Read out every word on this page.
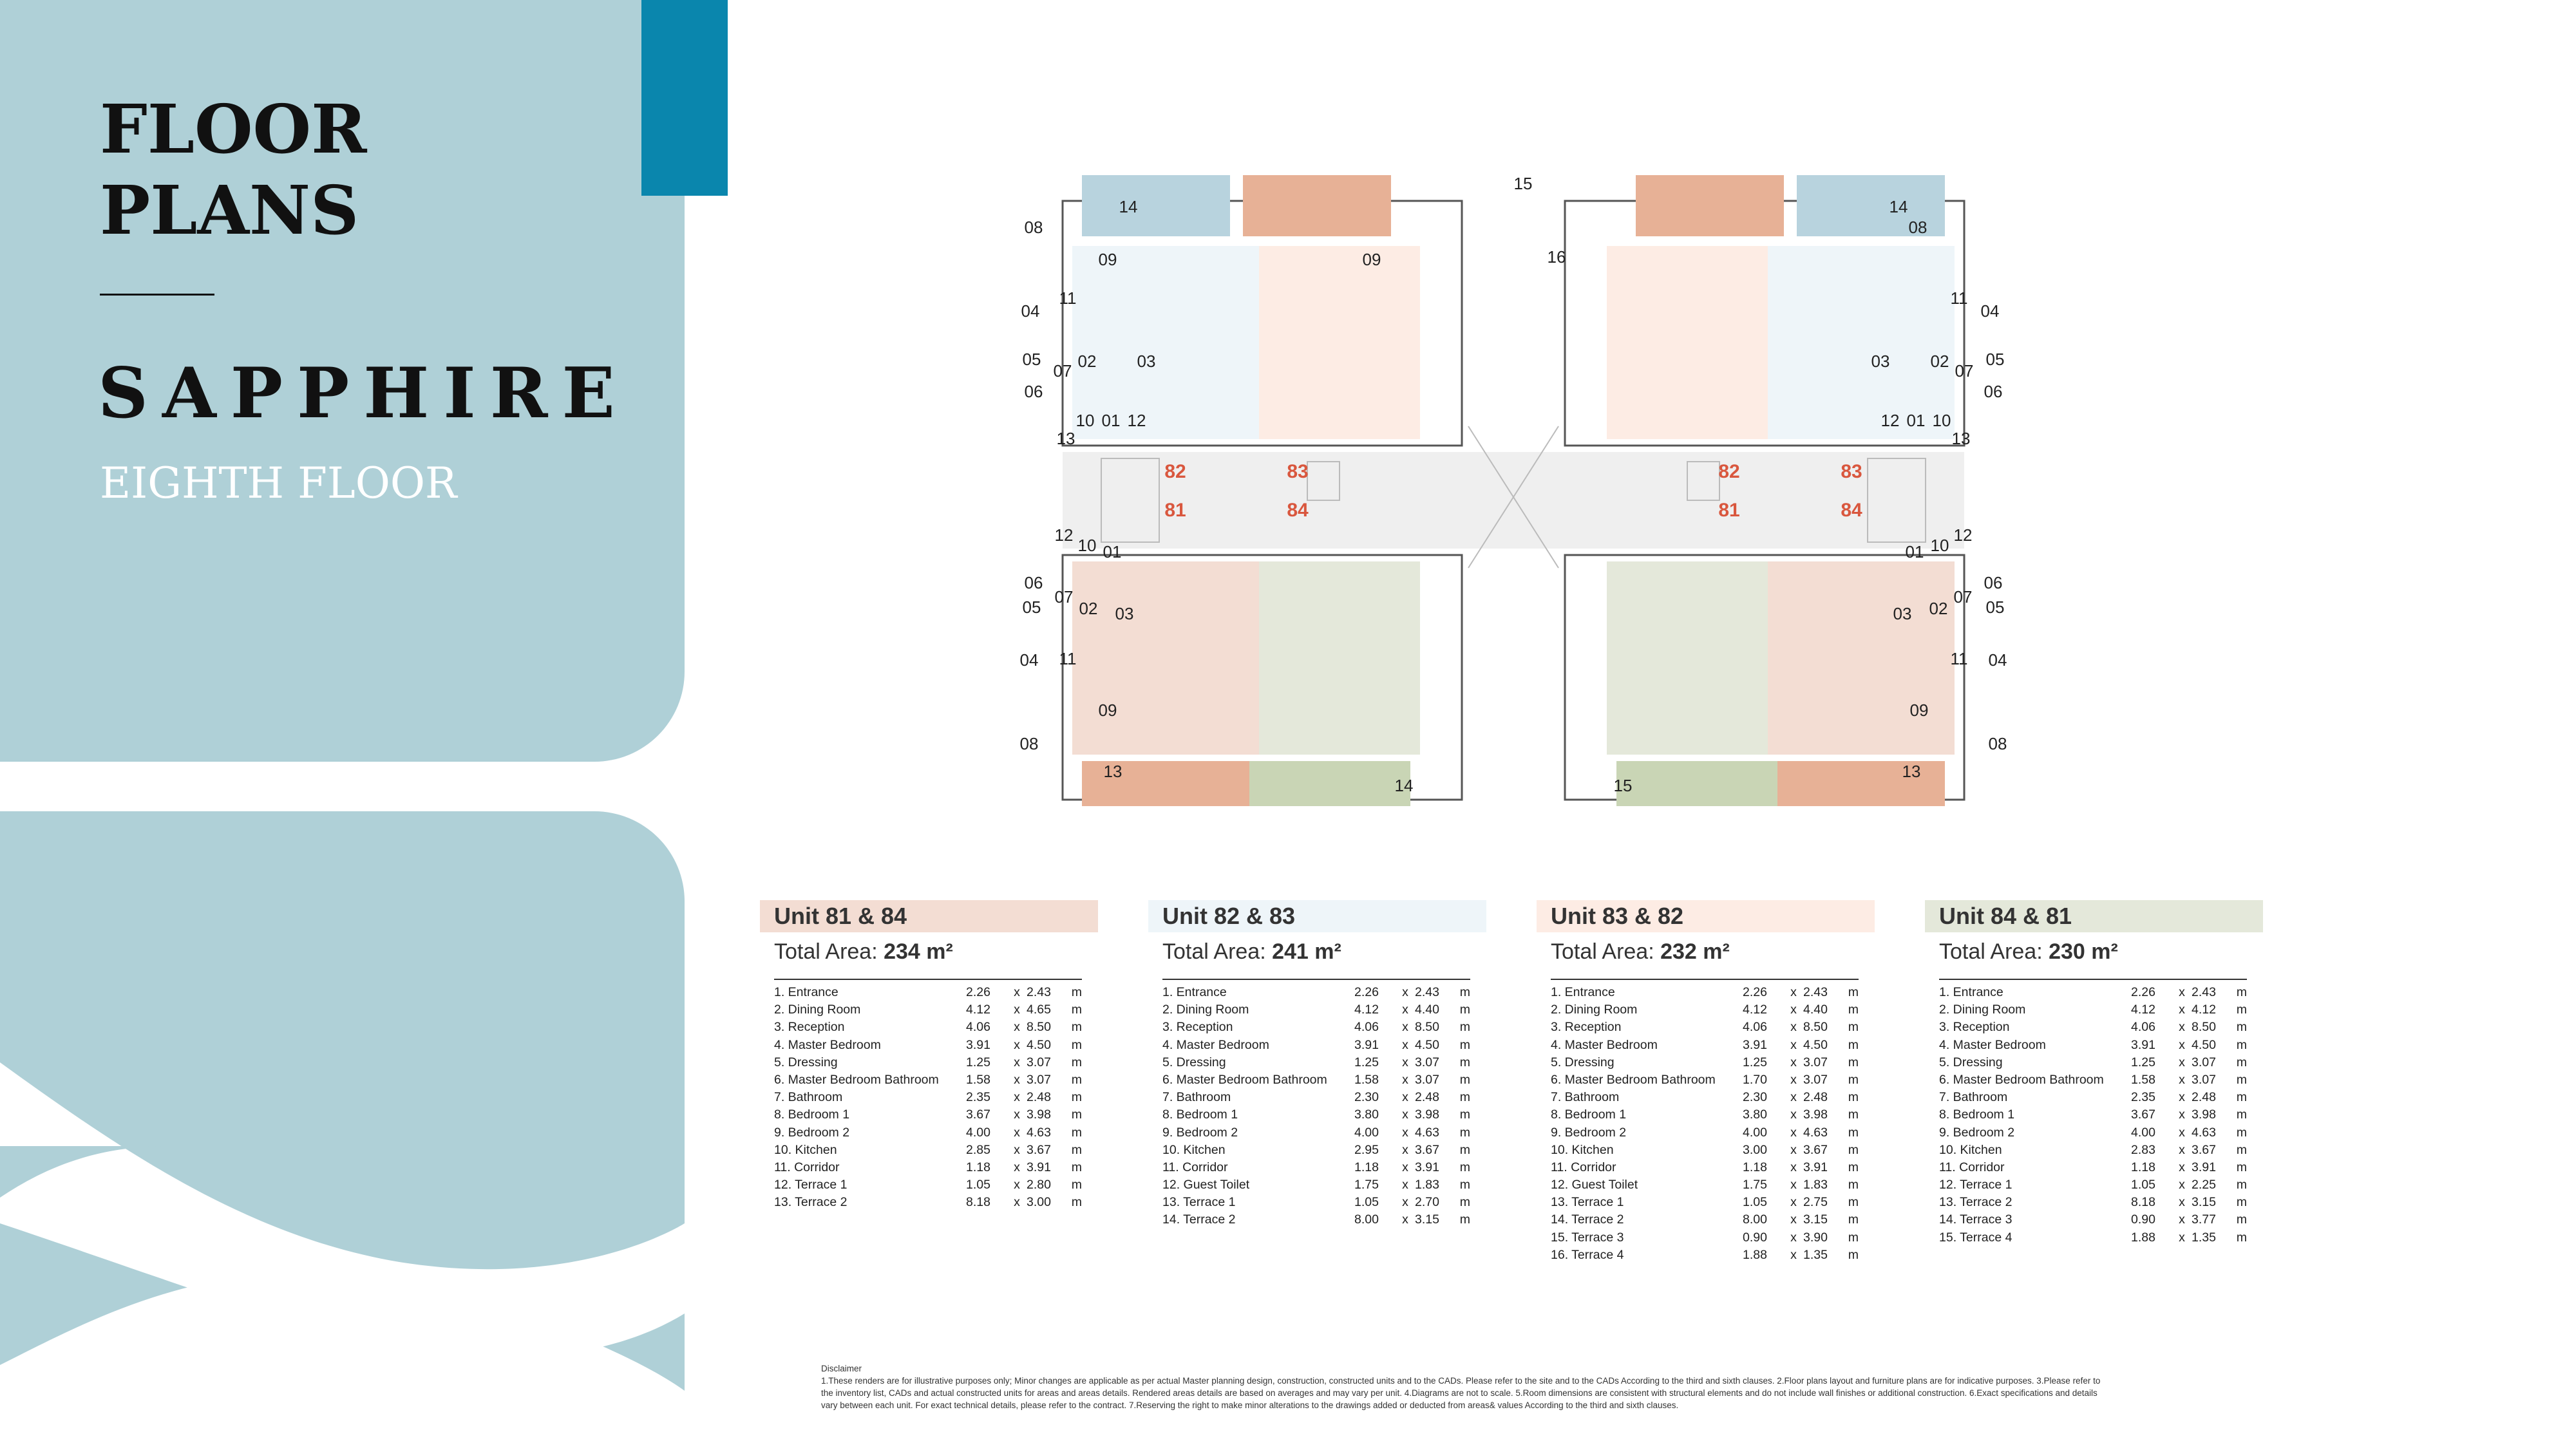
FLOOR
PLANS
SAPPHIRE
EIGHTH FLOOR
14	14
15
08
09	09
08
16
04	04
11	11
02 03	03 02
05	05
07	07
06	06
13
10 01 12	12 01 10
13
12
10 01	01 10
12
06
07	07
06
05 02 03	03 02 05
04 11	11 04
09	09
08	08
13	13
14	15
82	83
81	84
82	83
81	84
Unit 81 & 84
Total Area: 234 m²
1. Entrance	2.26	x 2.43	m
2. Dining Room	4.12	x 4.65	m
3. Reception	4.06	x 8.50	m
4. Master Bedroom	3.91	x 4.50	m
5. Dressing	1.25	x 3.07	m
6. Master Bedroom Bathroom	1.58	x 3.07	m
7. Bathroom	2.35	x 2.48	m
8. Bedroom 1	3.67	x 3.98	m
9. Bedroom 2	4.00	x 4.63	m
10. Kitchen	2.85	x 3.67	m
11. Corridor	1.18	x 3.91	m
12. Terrace 1	1.05	x 2.80	m
13. Terrace 2	8.18	x 3.00	m
Unit 82 & 83
Total Area: 241 m²
1. Entrance	2.26	x 2.43	m
2. Dining Room	4.12	x 4.40	m
3. Reception	4.06	x 8.50	m
4. Master Bedroom	3.91	x 4.50	m
5. Dressing	1.25	x 3.07	m
6. Master Bedroom Bathroom	1.58	x 3.07	m
7. Bathroom	2.30	x 2.48	m
8. Bedroom 1	3.80	x 3.98	m
9. Bedroom 2	4.00	x 4.63	m
10. Kitchen	2.95	x 3.67	m
11. Corridor	1.18	x 3.91	m
12. Guest Toilet	1.75	x 1.83	m
13. Terrace 1	1.05	x 2.70	m
14. Terrace 2	8.00	x 3.15	m
Unit 83 & 82
Total Area: 232 m²
1. Entrance	2.26	x 2.43	m
2. Dining Room	4.12	x 4.40	m
3. Reception	4.06	x 8.50	m
4. Master Bedroom	3.91	x 4.50	m
5. Dressing	1.25	x 3.07	m
6. Master Bedroom Bathroom	1.70	x 3.07	m
7. Bathroom	2.30	x 2.48	m
8. Bedroom 1	3.80	x 3.98	m
9. Bedroom 2	4.00	x 4.63	m
10. Kitchen	3.00	x 3.67	m
11. Corridor	1.18	x 3.91	m
12. Guest Toilet	1.75	x 1.83	m
13. Terrace 1	1.05	x 2.75	m
14. Terrace 2	8.00	x 3.15	m
15. Terrace 3	0.90	x 3.90	m
16. Terrace 4	1.88	x 1.35	m
Unit 84 & 81
Total Area: 230 m²
1. Entrance	2.26	x 2.43	m
2. Dining Room	4.12	x 4.12	m
3. Reception	4.06	x 8.50	m
4. Master Bedroom	3.91	x 4.50	m
5. Dressing	1.25	x 3.07	m
6. Master Bedroom Bathroom	1.58	x 3.07	m
7. Bathroom	2.35	x 2.48	m
8. Bedroom 1	3.67	x 3.98	m
9. Bedroom 2	4.00	x 4.63	m
10. Kitchen	2.83	x 3.67	m
11. Corridor	1.18	x 3.91	m
12. Terrace 1	1.05	x 2.25	m
13. Terrace 2	8.18	x 3.15	m
14. Terrace 3	0.90	x 3.77	m
15. Terrace 4	1.88	x 1.35	m

Disclaimer

1.These renders are for illustrative purposes only; Minor changes are applicable as per actual Master planning design, construction, constructed units and to the CADs. Please refer to the site and to the CADs According to the third and sixth clauses. 2.Floor plans layout and furniture plans are for indicative purposes. 3.Please refer to

the inventory list, CADs and actual constructed units for areas and areas details. Rendered areas details are based on averages and may vary per unit. 4.Diagrams are not to scale. 5.Room dimensions are consistent with structural elements and do not include wall finishes or additional construction. 6.Exact specifications and details

vary between each unit. For exact technical details, please refer to the contract. 7.Reserving the right to make minor alterations to the drawings added or deducted from areas& values According to the third and sixth clauses.
